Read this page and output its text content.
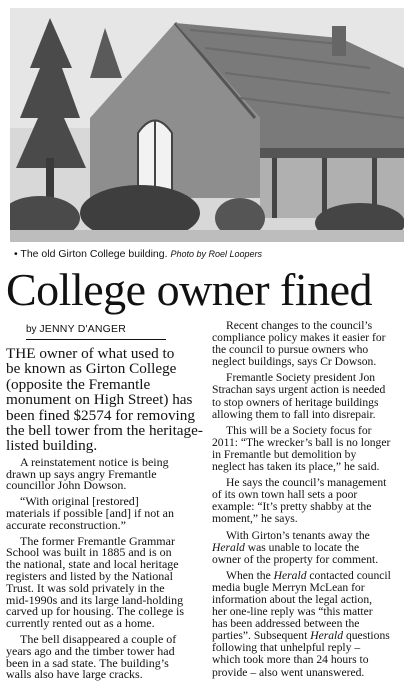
• The old Girton College building. Photo by Roel Loopers
College owner fined
by JENNY D'ANGER

THE owner of what used to
be known as Girton College
(opposite the Fremantle
monument on High Street) has
been fined $2574 for removing
the bell tower from the heritage-
listed building.

A reinstatement notice is being
drawn up says angry Fremantle
councillor John Dowson.

“With original [restored]
materials if possible [and] if not an
accurate reconstruction.”

The former Fremantle Grammar
School was built in 1885 and is on
the national, state and local heritage
registers and listed by the National
Trust. It was sold privately in the
mid-1990s and its large land-holding
carved up for housing. The college is
currently rented out as a home.

The bell disappeared a couple of
years ago and the timber tower had
been in a sad state. The building’s
walls also have large cracks.

Recent changes to the council’s
compliance policy makes it easier for
the council to pursue owners who
neglect buildings, says Cr Dowson.

Fremantle Society president Jon
Strachan says urgent action is needed
to stop owners of heritage buildings
allowing them to fall into disrepair.

This will be a Society focus for
2011: “The wrecker’s ball is no longer
in Fremantle but demolition by
neglect has taken its place,” he said.

He says the council’s management
of its own town hall sets a poor
example: “It’s pretty shabby at the
moment,” he says.

With Girton’s tenants away the
Herald was unable to locate the
owner of the property for comment.

When the Herald contacted council
media bugle Merryn McLean for
information about the legal action,
her one-line reply was “this matter
has been addressed between the
parties”. Subsequent Herald questions
following that unhelpful reply –
which took more than 24 hours to
provide – also went unanswered.
